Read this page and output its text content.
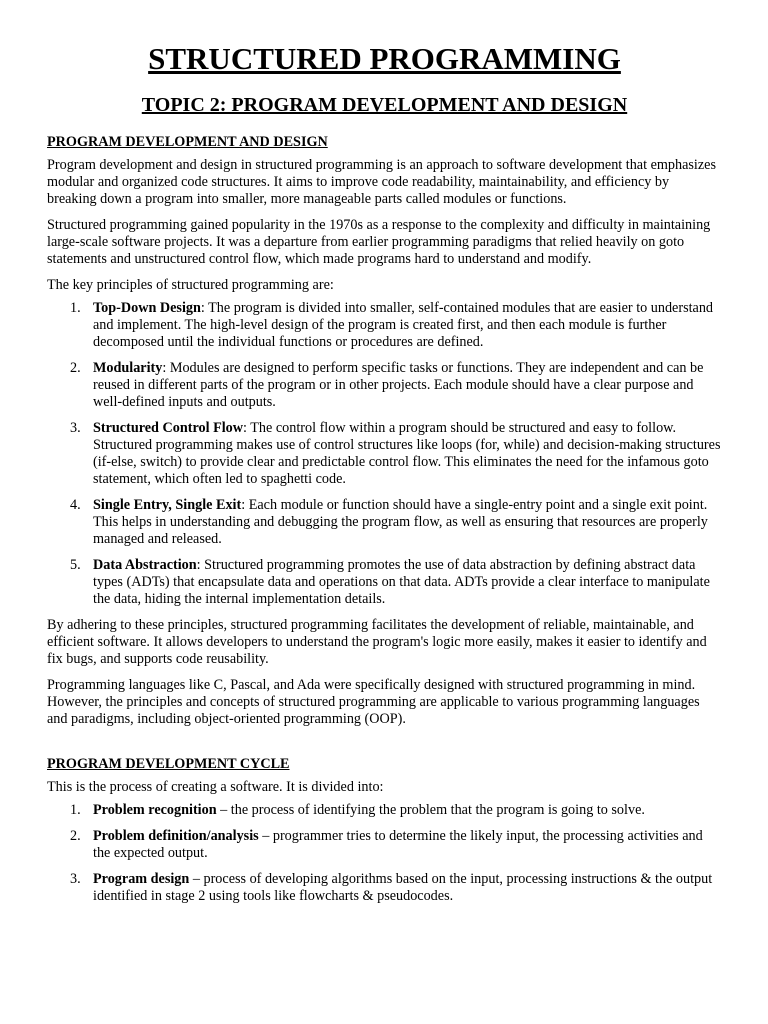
STRUCTURED PROGRAMMING
TOPIC 2: PROGRAM DEVELOPMENT AND DESIGN
PROGRAM DEVELOPMENT AND DESIGN

Program development and design in structured programming is an approach to software development that emphasizes modular and organized code structures. It aims to improve code readability, maintainability, and efficiency by breaking down a program into smaller, more manageable parts called modules or functions.

Structured programming gained popularity in the 1970s as a response to the complexity and difficulty in maintaining large-scale software projects. It was a departure from earlier programming paradigms that relied heavily on goto statements and unstructured control flow, which made programs hard to understand and modify.

The key principles of structured programming are:

1. Top-Down Design: The program is divided into smaller, self-contained modules that are easier to understand and implement. The high-level design of the program is created first, and then each module is further decomposed until the individual functions or procedures are defined.
2. Modularity: Modules are designed to perform specific tasks or functions. They are independent and can be reused in different parts of the program or in other projects. Each module should have a clear purpose and well-defined inputs and outputs.
3. Structured Control Flow: The control flow within a program should be structured and easy to follow. Structured programming makes use of control structures like loops (for, while) and decision-making structures (if-else, switch) to provide clear and predictable control flow. This eliminates the need for the infamous goto statement, which often led to spaghetti code.
4. Single Entry, Single Exit: Each module or function should have a single-entry point and a single exit point. This helps in understanding and debugging the program flow, as well as ensuring that resources are properly managed and released.
5. Data Abstraction: Structured programming promotes the use of data abstraction by defining abstract data types (ADTs) that encapsulate data and operations on that data. ADTs provide a clear interface to manipulate the data, hiding the internal implementation details.

By adhering to these principles, structured programming facilitates the development of reliable, maintainable, and efficient software. It allows developers to understand the program's logic more easily, makes it easier to identify and fix bugs, and supports code reusability.

Programming languages like C, Pascal, and Ada were specifically designed with structured programming in mind. However, the principles and concepts of structured programming are applicable to various programming languages and paradigms, including object-oriented programming (OOP).

PROGRAM DEVELOPMENT CYCLE

This is the process of creating a software. It is divided into:

1. Problem recognition – the process of identifying the problem that the program is going to solve.
2. Problem definition/analysis – programmer tries to determine the likely input, the processing activities and the expected output.
3. Program design – process of developing algorithms based on the input, processing instructions & the output identified in stage 2 using tools like flowcharts & pseudocodes.
